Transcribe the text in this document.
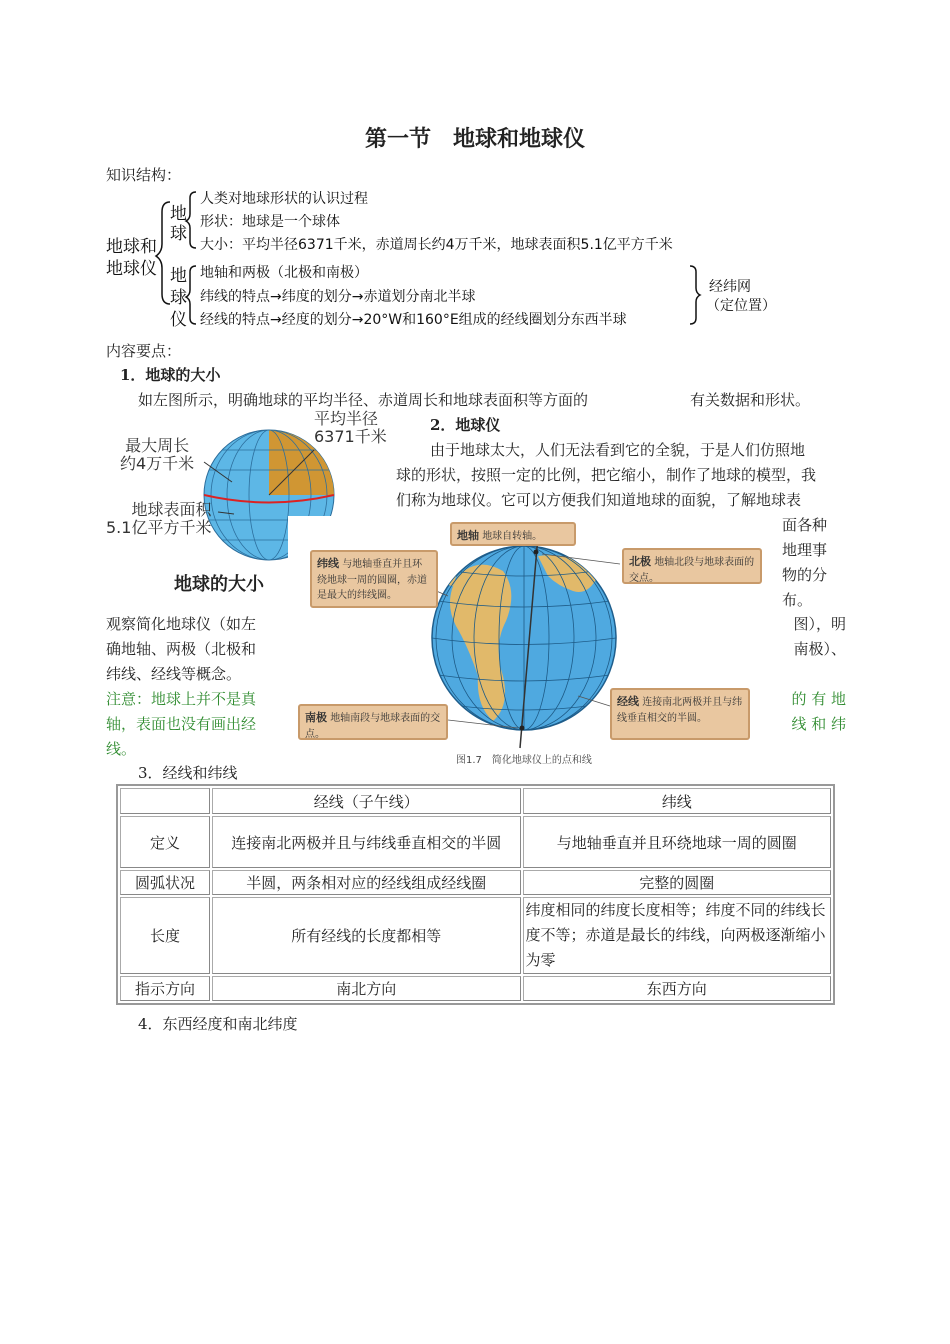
第一节　地球和地球仪
知识结构：
地球和
地球仪
地
球
人类对地球形状的认识过程
形状：地球是一个球体
大小：平均半径6371千米，赤道周长约4万千米，地球表面积5.1亿平方千米
地
球
仪
地轴和两极（北极和南极）
纬线的特点→纬度的划分→赤道划分南北半球
经线的特点→经度的划分→20°W和160°E组成的经线圈划分东西半球
经纬网
（定位置）
内容要点：
1．地球的大小
如左图所示，明确地球的平均半径、赤道周长和地球表面积等方面的	有关数据和形状。
平均半径
6371千米
最大周长
约4万千米
地球表面积
5.1亿平方千米
地球的大小
2．地球仪
由于地球太大，人们无法看到它的全貌，于是人们仿照地
球的形状，按照一定的比例，把它缩小，制作了地球的模型，我
们称为地球仪。它可以方便我们知道地球的面貌，了解地球表
面各种
地理事
物的分
布。
观察简化地球仪（如左
确地轴、两极（北极和
纬线、经线等概念。
图），明
南极）、
注意：地球上并不是真
轴，表面也没有画出经
线。
的 有 地
线 和 纬
纬线 与地轴垂直并且环绕地球一周的圆圈，赤道是最大的纬线圈。
地轴 地球自转轴。
北极 地轴北段与地球表面的交点。
经线 连接南北两极并且与纬线垂直相交的半圆。
南极 地轴南段与地球表面的交点。
图1.7　简化地球仪上的点和线
3．经线和纬线
	经线（子午线）	纬线
定义	连接南北两极并且与纬线垂直相交的半圆	与地轴垂直并且环绕地球一周的圆圈
圆弧状况	半圆，两条相对应的经线组成经线圈	完整的圆圈
长度	所有经线的长度都相等	纬度相同的纬度长度相等；纬度不同的纬线长度不等；赤道是最长的纬线，向两极逐渐缩小为零
指示方向	南北方向	东西方向
4．东西经度和南北纬度
